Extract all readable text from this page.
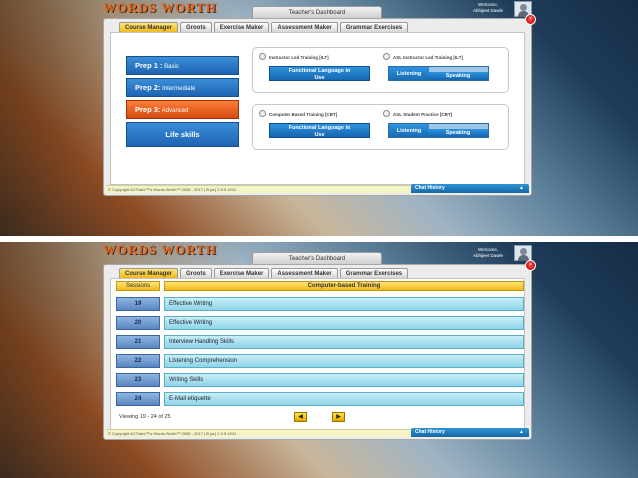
WORDS WORTH	Teacher's Dashboard
Welcome,
Abhijeet Dawle
×
Course Manager	Groots	Exercise Maker	Assessment Maker	Grammar Exercises
Prep 1 : Basic
Prep 2: Intermediate
Prep 3: Advanced
Life skills
Instructor Led Training [ILT]	ASL Instructor Led Training [ILT]
Functional Language in
Use
Listening	Speaking
Computer Based Training [CBT]	ASL Student Practice [CBT]
Functional Language in
Use
Listening	Speaking
© Copyright ACTlabs™'s Words Worth™ 2008 - 2017 | B (ar) 2.9.5 1941	Chat History	▲
WORDS WORTH
Teacher's Dashboard
Welcome,
Abhijeet Dawle
×
Course Manager	Groots	Exercise Maker	Assessment Maker	Grammar Exercises
Sessions	Computer-based Training
19	Effective Writing
20	Effective Writing
21	Interview Handling Skills
22	Listening Comprehension
23	Writing Skills
24	E-Mail etiquette
Viewing 19 - 24 of 25	◀	▶
© Copyright ACTlabs™'s Words Worth™ 2008 - 2017 | B (ar) 2.9.5 1941	Chat History	▲
